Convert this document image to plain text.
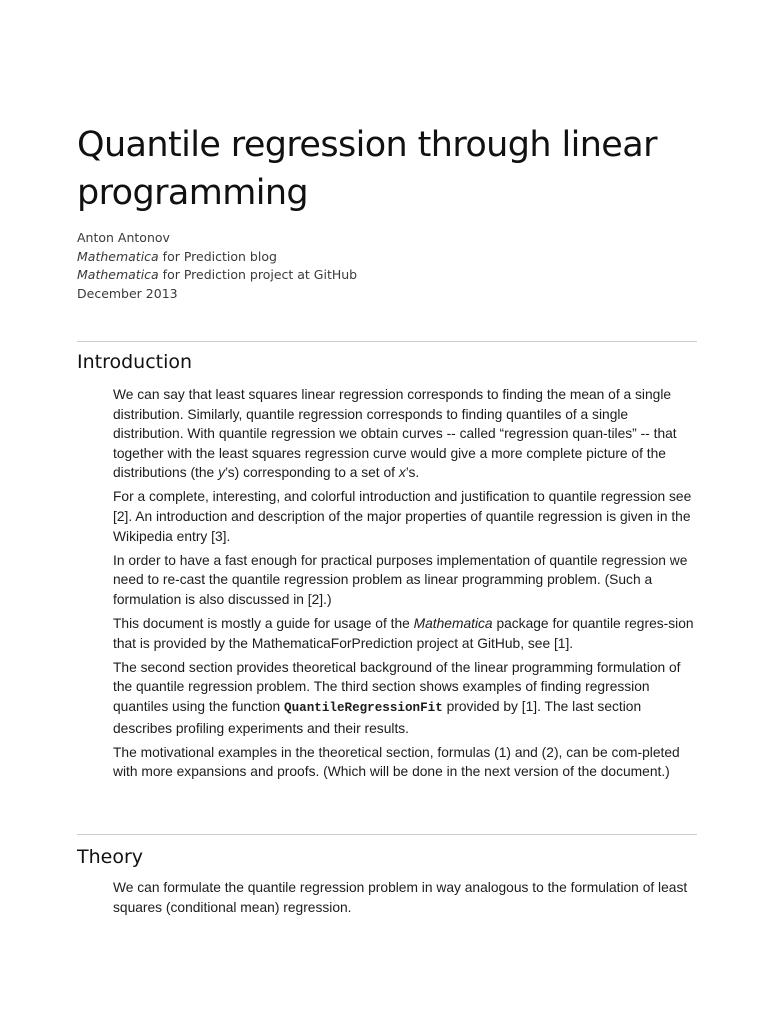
Quantile regression through linear programming
Anton Antonov
Mathematica for Prediction blog
Mathematica for Prediction project at GitHub
December 2013
Introduction

We can say that least squares linear regression corresponds to finding the mean of a single distribution. Similarly, quantile regression corresponds to finding quantiles of a single distribution. With quantile regression we obtain curves -- called “regression quan-tiles” -- that together with the least squares regression curve would give a more complete picture of the distributions (the y’s) corresponding to a set of x’s.

For a complete, interesting, and colorful introduction and justification to quantile regression see [2]. An introduction and description of the major properties of quantile regression is given in the Wikipedia entry [3].

In order to have a fast enough for practical purposes implementation of quantile regression we need to re-cast the quantile regression problem as linear programming problem. (Such a formulation is also discussed in [2].)

This document is mostly a guide for usage of the Mathematica package for quantile regres-sion that is provided by the MathematicaForPrediction project at GitHub, see [1].

The second section provides theoretical background of the linear programming formulation of the quantile regression problem. The third section shows examples of finding regression quantiles using the function QuantileRegressionFit provided by [1]. The last section describes profiling experiments and their results.

The motivational examples in the theoretical section, formulas (1) and (2), can be com-pleted with more expansions and proofs. (Which will be done in the next version of the document.)

Theory

We can formulate the quantile regression problem in way analogous to the formulation of least squares (conditional mean) regression.
